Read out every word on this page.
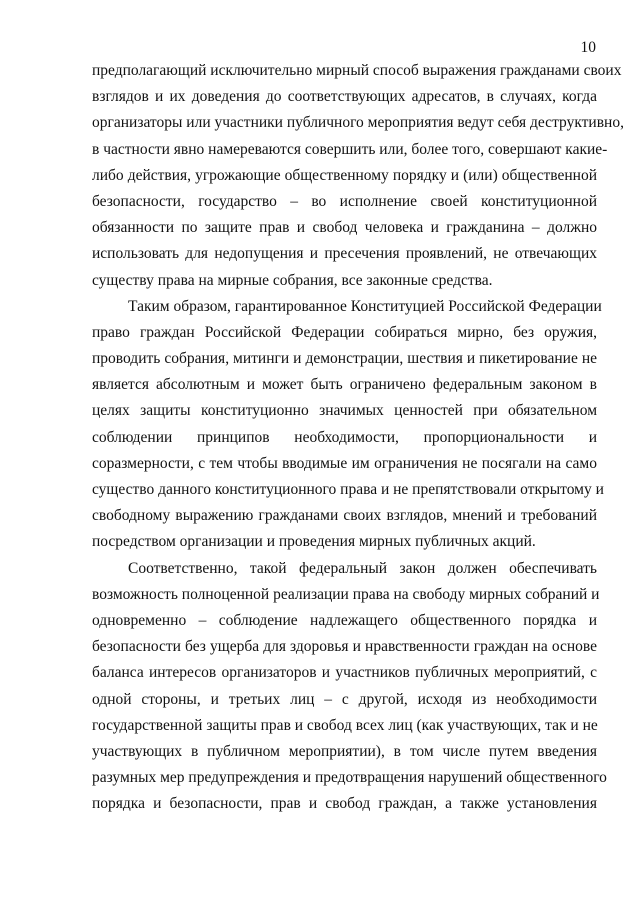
10

предполагающий исключительно мирный способ выражения гражданами своих
взглядов и их доведения до соответствующих адресатов, в случаях, когда
организаторы или участники публичного мероприятия ведут себя деструктивно,
в частности явно намереваются совершить или, более того, совершают какие-
либо действия, угрожающие общественному порядку и (или) общественной
безопасности, государство – во исполнение своей конституционной
обязанности по защите прав и свобод человека и гражданина – должно
использовать для недопущения и пресечения проявлений, не отвечающих
существу права на мирные собрания, все законные средства.

Таким образом, гарантированное Конституцией Российской Федерации
право граждан Российской Федерации собираться мирно, без оружия,
проводить собрания, митинги и демонстрации, шествия и пикетирование не
является абсолютным и может быть ограничено федеральным законом в
целях защиты конституционно значимых ценностей при обязательном
соблюдении принципов необходимости, пропорциональности и
соразмерности, с тем чтобы вводимые им ограничения не посягали на само
существо данного конституционного права и не препятствовали открытому и
свободному выражению гражданами своих взглядов, мнений и требований
посредством организации и проведения мирных публичных акций.

Соответственно, такой федеральный закон должен обеспечивать
возможность полноценной реализации права на свободу мирных собраний и
одновременно – соблюдение надлежащего общественного порядка и
безопасности без ущерба для здоровья и нравственности граждан на основе
баланса интересов организаторов и участников публичных мероприятий, с
одной стороны, и третьих лиц – с другой, исходя из необходимости
государственной защиты прав и свобод всех лиц (как участвующих, так и не
участвующих в публичном мероприятии), в том числе путем введения
разумных мер предупреждения и предотвращения нарушений общественного
порядка и безопасности, прав и свобод граждан, а также установления
